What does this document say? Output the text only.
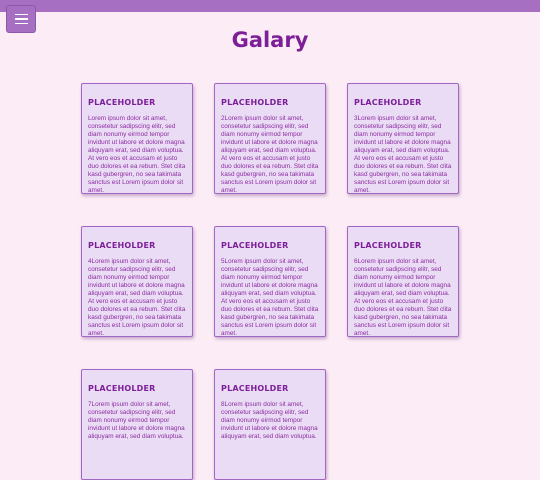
Galary
PLACEHOLDER

Lorem ipsum dolor sit amet, consetetur sadipscing elitr, sed diam nonumy eirmod tempor invidunt ut labore et dolore magna aliquyam erat, sed diam voluptua. At vero eos et accusam et justo duo dolores et ea rebum. Stet clita kasd gubergren, no sea takimata sanctus est Lorem ipsum dolor sit amet.

PLACEHOLDER

2Lorem ipsum dolor sit amet, consetetur sadipscing elitr, sed diam nonumy eirmod tempor invidunt ut labore et dolore magna aliquyam erat, sed diam voluptua. At vero eos et accusam et justo duo dolores et ea rebum. Stet clita kasd gubergren, no sea takimata sanctus est Lorem ipsum dolor sit amet.

PLACEHOLDER

3Lorem ipsum dolor sit amet, consetetur sadipscing elitr, sed diam nonumy eirmod tempor invidunt ut labore et dolore magna aliquyam erat, sed diam voluptua. At vero eos et accusam et justo duo dolores et ea rebum. Stet clita kasd gubergren, no sea takimata sanctus est Lorem ipsum dolor sit amet.

PLACEHOLDER

4Lorem ipsum dolor sit amet, consetetur sadipscing elitr, sed diam nonumy eirmod tempor invidunt ut labore et dolore magna aliquyam erat, sed diam voluptua. At vero eos et accusam et justo duo dolores et ea rebum. Stet clita kasd gubergren, no sea takimata sanctus est Lorem ipsum dolor sit amet.

PLACEHOLDER

5Lorem ipsum dolor sit amet, consetetur sadipscing elitr, sed diam nonumy eirmod tempor invidunt ut labore et dolore magna aliquyam erat, sed diam voluptua. At vero eos et accusam et justo duo dolores et ea rebum. Stet clita kasd gubergren, no sea takimata sanctus est Lorem ipsum dolor sit amet.

PLACEHOLDER

6Lorem ipsum dolor sit amet, consetetur sadipscing elitr, sed diam nonumy eirmod tempor invidunt ut labore et dolore magna aliquyam erat, sed diam voluptua. At vero eos et accusam et justo duo dolores et ea rebum. Stet clita kasd gubergren, no sea takimata sanctus est Lorem ipsum dolor sit amet.

PLACEHOLDER

7Lorem ipsum dolor sit amet, consetetur sadipscing elitr, sed diam nonumy eirmod tempor invidunt ut labore et dolore magna aliquyam erat, sed diam voluptua.

PLACEHOLDER

8Lorem ipsum dolor sit amet, consetetur sadipscing elitr, sed diam nonumy eirmod tempor invidunt ut labore et dolore magna aliquyam erat, sed diam voluptua.
